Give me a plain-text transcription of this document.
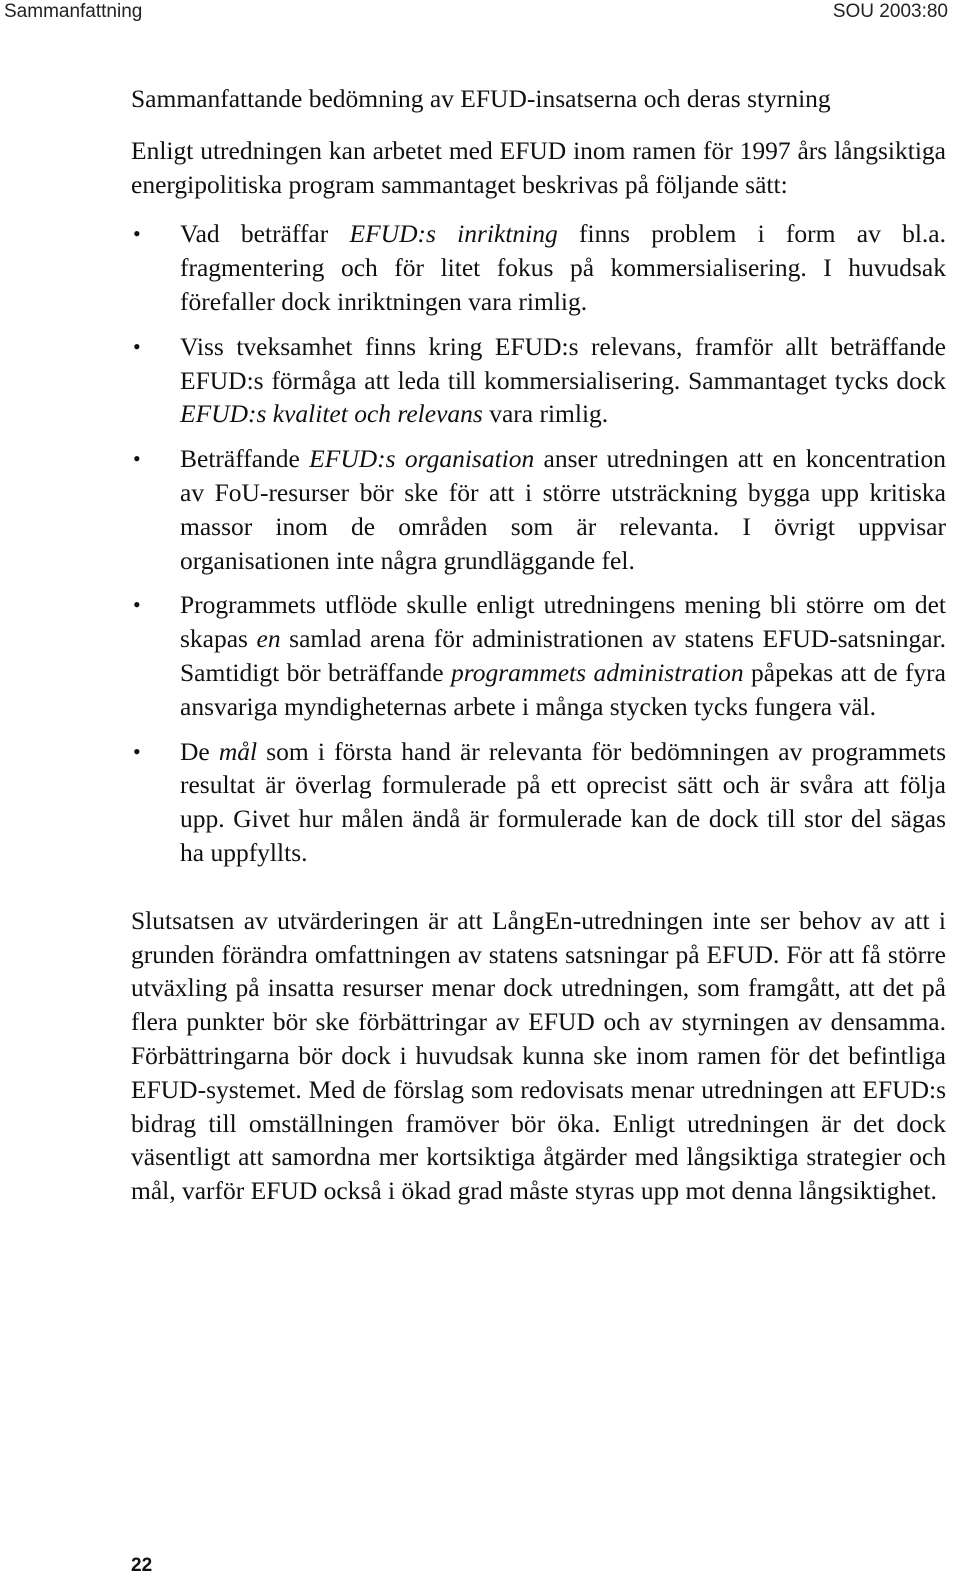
Sammanfattning	SOU 2003:80
Sammanfattande bedömning av EFUD-insatserna och deras styrning

Enligt utredningen kan arbetet med EFUD inom ramen för 1997 års långsiktiga energipolitiska program sammantaget beskrivas på följande sätt:

• Vad beträffar EFUD:s inriktning finns problem i form av bl.a. fragmentering och för litet fokus på kommersialisering. I huvudsak förefaller dock inriktningen vara rimlig.
• Viss tveksamhet finns kring EFUD:s relevans, framför allt beträffande EFUD:s förmåga att leda till kommersialisering. Sammantaget tycks dock EFUD:s kvalitet och relevans vara rimlig.
• Beträffande EFUD:s organisation anser utredningen att en koncentration av FoU-resurser bör ske för att i större utsträckning bygga upp kritiska massor inom de områden som är relevanta. I övrigt uppvisar organisationen inte några grundläggande fel.
• Programmets utflöde skulle enligt utredningens mening bli större om det skapas en samlad arena för administrationen av statens EFUD-satsningar. Samtidigt bör beträffande programmets administration påpekas att de fyra ansvariga myndigheternas arbete i många stycken tycks fungera väl.
• De mål som i första hand är relevanta för bedömningen av programmets resultat är överlag formulerade på ett oprecist sätt och är svåra att följa upp. Givet hur målen ändå är formulerade kan de dock till stor del sägas ha uppfyllts.

Slutsatsen av utvärderingen är att LångEn-utredningen inte ser behov av att i grunden förändra omfattningen av statens satsningar på EFUD. För att få större utväxling på insatta resurser menar dock utredningen, som framgått, att det på flera punkter bör ske förbättringar av EFUD och av styrningen av densamma. Förbättringarna bör dock i huvudsak kunna ske inom ramen för det befintliga EFUD-systemet. Med de förslag som redovisats menar utredningen att EFUD:s bidrag till omställningen framöver bör öka. Enligt utredningen är det dock väsentligt att samordna mer kortsiktiga åtgärder med långsiktiga strategier och mål, varför EFUD också i ökad grad måste styras upp mot denna långsiktighet.

22
